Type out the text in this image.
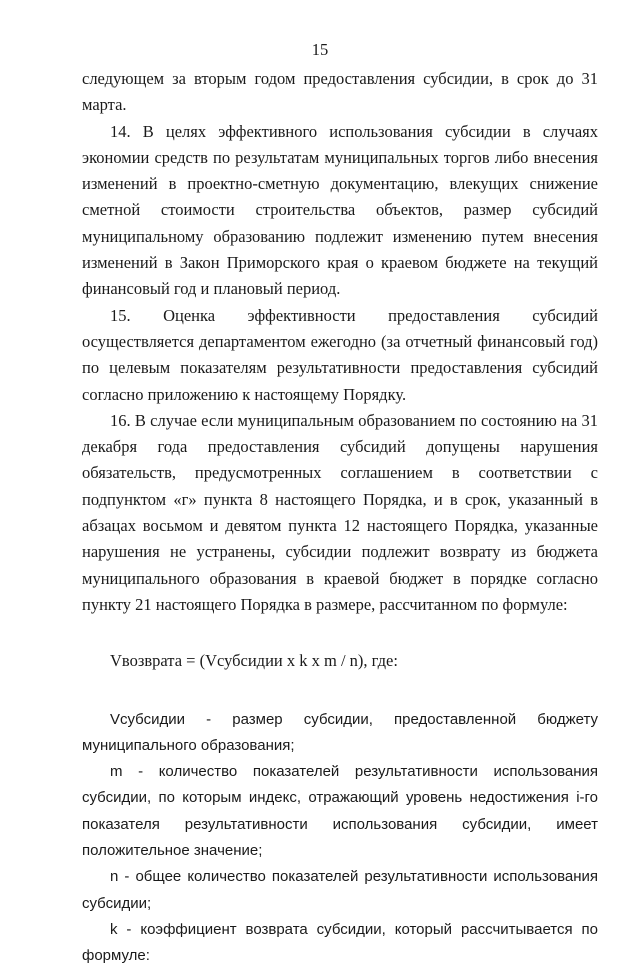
15

следующем за вторым годом предоставления субсидии, в срок до 31 марта.

14. В целях эффективного использования субсидии в случаях экономии средств по результатам муниципальных торгов либо внесения изменений в проектно-сметную документацию, влекущих снижение сметной стоимости строительства объектов, размер субсидий муниципальному образованию подлежит изменению путем внесения изменений в Закон Приморского края о краевом бюджете на текущий финансовый год и плановый период.

15. Оценка эффективности предоставления субсидий осуществляется департаментом ежегодно (за отчетный финансовый год) по целевым показателям результативности предоставления субсидий согласно приложению к настоящему Порядку.

16. В случае если муниципальным образованием по состоянию на 31 декабря года предоставления субсидий допущены нарушения обязательств, предусмотренных соглашением в соответствии с подпунктом «г» пункта 8 настоящего Порядка, и в срок, указанный в абзацах восьмом и девятом пункта 12 настоящего Порядка, указанные нарушения не устранены, субсидии подлежит возврату из бюджета муниципального образования в краевой бюджет в порядке согласно пункту 21 настоящего Порядка в размере, рассчитанном по формуле:

Vвозврата = (Vсубсидии x k x m / n), где:

Vсубсидии - размер субсидии, предоставленной бюджету муниципального образования;

m - количество показателей результативности использования субсидии, по которым индекс, отражающий уровень недостижения i-го показателя результативности использования субсидии, имеет положительное значение;

n - общее количество показателей результативности использования субсидии;

k - коэффициент возврата субсидии, который рассчитывается по формуле:
